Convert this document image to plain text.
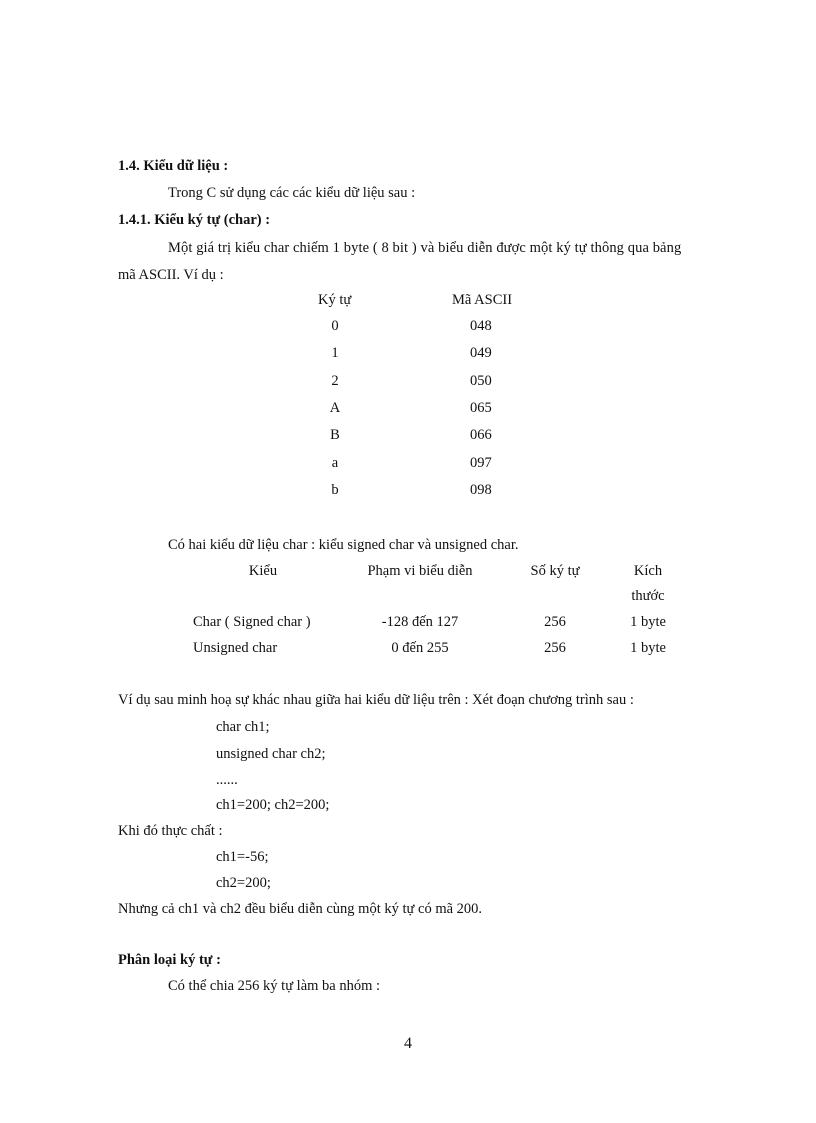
1.4. Kiểu dữ liệu :
Trong C sử dụng các các kiểu dữ liệu sau :
1.4.1. Kiểu ký tự (char) :
Một giá trị kiểu char chiếm 1 byte ( 8 bit ) và biểu diễn được một ký tự thông qua bảng
mã ASCII. Ví dụ :
Ký tự	Mã ASCII
0	048
1	049
2	050
A	065
B	066
a	097
b	098
Có hai kiểu dữ liệu char : kiểu signed char và unsigned char.
Kiểu	Phạm vi biểu diễn	Số ký tự	Kích
thước
Char ( Signed char )	-128 đến 127	256	1 byte
Unsigned char	0 đến 255	256	1 byte
Ví dụ sau minh hoạ sự khác nhau giữa hai kiểu dữ liệu trên : Xét đoạn chương trình sau :
char ch1;
unsigned char ch2;
......
ch1=200; ch2=200;
Khi đó thực chất :
ch1=-56;
ch2=200;
Nhưng cả ch1 và ch2 đều biểu diễn cùng một ký tự có mã 200.
Phân loại ký tự :
Có thể chia 256 ký tự làm ba nhóm :
4
